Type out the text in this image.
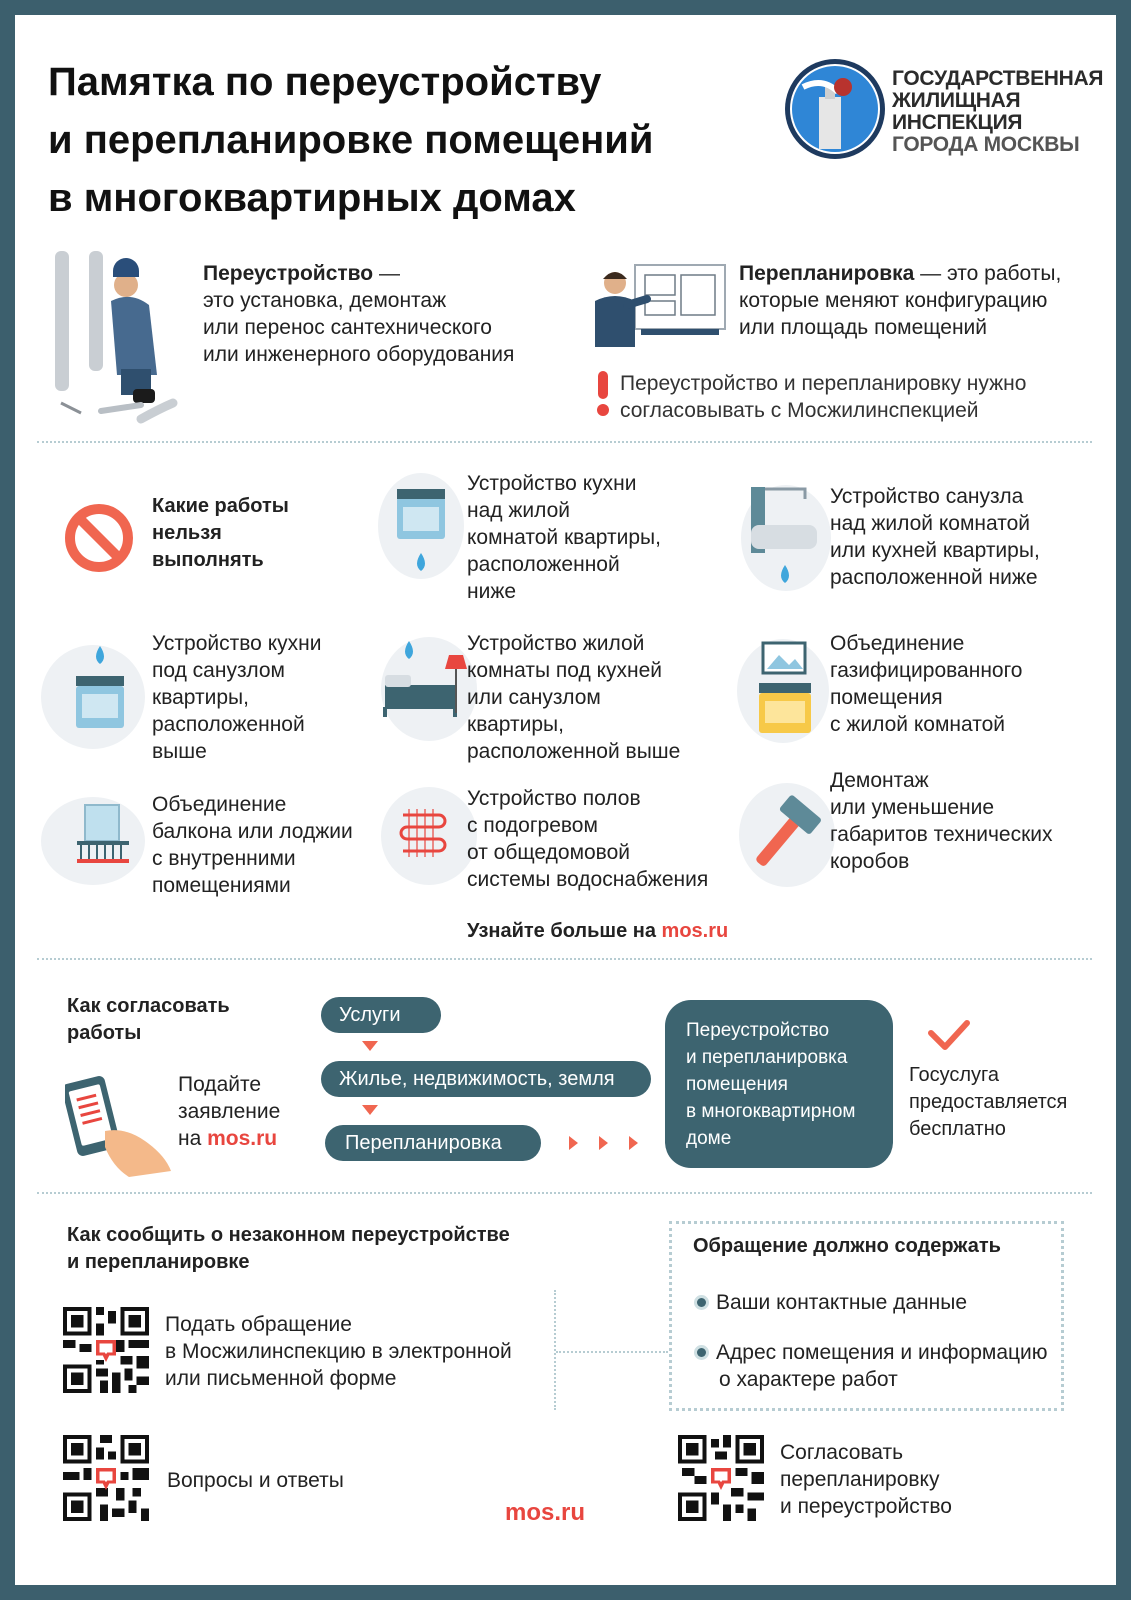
Памятка по переустройству
и перепланировке помещений
в многоквартирных домах
ГОСУДАРСТВЕННАЯ
ЖИЛИЩНАЯ
ИНСПЕКЦИЯ
ГОРОДА МОСКВЫ
Переустройство —
это установка, демонтаж
или перенос сантехнического
или инженерного оборудования
Перепланировка — это работы,
которые меняют конфигурацию
или площадь помещений
Переустройство и перепланировку нужно
согласовывать с Мосжилинспекцией
Какие работы
нельзя
выполнять
Устройство кухни
над жилой
комнатой квартиры,
расположенной
ниже
Устройство санузла
над жилой комнатой
или кухней квартиры,
расположенной ниже
Устройство кухни
под санузлом
квартиры,
расположенной
выше
Устройство жилой
комнаты под кухней
или санузлом
квартиры,
расположенной выше
Объединение
газифицированного
помещения
с жилой комнатой
Объединение
балкона или лоджии
с внутренними
помещениями
Устройство полов
с подогревом
от общедомовой
системы водоснабжения
Демонтаж
или уменьшение
габаритов технических
коробов
Узнайте больше на mos.ru
Как согласовать
работы
Подайте
заявление
на mos.ru
Услуги
Жилье, недвижимость, земля
Перепланировка
Переустройство
и перепланировка
помещения
в многоквартирном
доме
Госуслуга
предоставляется
бесплатно
Как сообщить о незаконном переустройстве
и перепланировке
Подать обращение
в Мосжилинспекцию в электронной
или письменной форме
Обращение должно содержать
Ваши контактные данные
Адрес помещения и информацию
о характере работ
Вопросы и ответы
mos.ru
Согласовать
перепланировку
и переустройство
